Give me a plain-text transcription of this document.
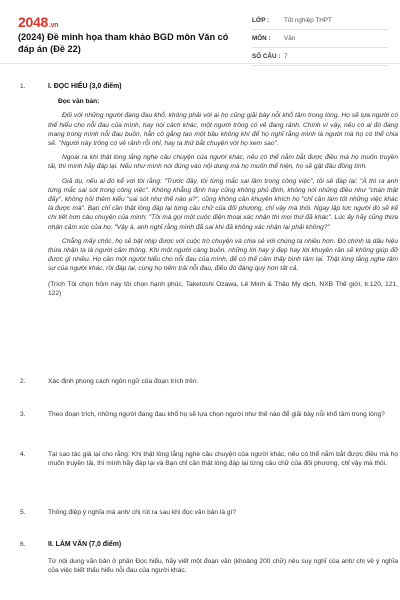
2048.vn
(2024) Đề minh họa tham khảo BGD môn Văn có đáp án (Đề 22)
LỚP :	Tốt nghiệp THPT
MÔN :	Văn
SỐ CÂU : 7
1.	I. ĐỌC HIỂU (3,0 điểm)
Đọc văn bản:
Đối với những người đang đau khổ, không phải với ai họ cũng giãi bày nỗi khổ tâm trong lòng. Họ sẽ lựa người có thể hiểu cho nỗi đau của mình, hay nói cách khác, một người trông có vẻ đang rảnh. Chính vì vậy, nếu có ai đó đang mang trong mình nỗi đau buồn, hẳn cô gắng tạo một bầu không khí để họ nghĩ rằng mình là người mà họ có thể chia sẻ. "Người này trông có vẻ rảnh rỗi nhỉ, hay ta thử bắt chuyện với họ xem sao".
Ngoài ra khi thật lòng lắng nghe câu chuyện của người khác, nếu có thể nắm bắt được điều mà họ muốn truyền tải, thì mình hãy đáp lại. Nếu như mình nói đúng vào nội dung mà họ muốn thể hiện, họ sẽ gật đầu đồng tình.
Giả dụ, nếu ai đó kể với tôi rằng: "Trước đây, tôi từng mắc sai lầm trong công việc", tôi sẽ đáp lại: "À thì ra anh từng mắc sai sót trong công việc". Không khẳng định hay cũng không phủ định, không nói những điều như "chán thật đấy", không hỏi thêm kiểu "sai sót như thế nào ạ?", cũng không cần khuyên khích họ "chỉ cần làm tốt những việc khác là được mà". Bạn chỉ cần thật lòng đáp lại từng câu chữ của đối phương, chỉ vậy mà thôi. Ngay lập tức người đó sẽ kể chi tiết hơn câu chuyện của mình: "Tôi mà gọi một cuộc điện thoại xác nhận thì mọi thứ đã khác". Lúc ấy hãy cũng thừa nhận cảm xúc của họ: "Vậy à, anh nghĩ rằng mình đã sai khi đã không xác nhận lại phải không?"
Chẳng mấy chốc, họ sẽ bật nhịp được với cuộc trò chuyện và chia sẻ với chúng ta nhiều hơn. Đó chính là dấu hiệu thừa nhận ta là người cảm thông. Khi một người càng buồn, những lời hay ý đẹp hay lời khuyên răn sẽ không giúp đỡ được gì nhiều. Họ cần một người hiểu cho nỗi đau của mình, để có thể cảm thấy bình tâm lại. Thật lòng lắng nghe tâm sự của người khác, rồi đáp lại, cùng họ nếm trải nỗi đau, điều đó đáng quý hơn tất cả.
(Trích Tôi chọn hôm nay tôi chọn hạnh phúc, Taketoshi Ozawa, Lê Minh & Thảo My dịch, NXB Thế giới, tr.120, 121, 122)
2.	Xác định phong cách ngôn ngữ của đoạn trích trên.
3.	Theo đoạn trích, những người đang đau khổ họ sẽ lựa chọn người như thế nào để giãi bày nỗi khổ tâm trong lòng?
4.	Tại sao tác giả lại cho rằng: Khi thật lòng lắng nghe câu chuyện của người khác, nếu có thể nắm bắt được điều mà họ muốn truyền tải, thì mình hãy đáp lại và Bạn chỉ cần thật lòng đáp lại từng câu chữ của đối phương, chỉ vậy mà thôi.
5.	Thông điệp ý nghĩa mà anh/ chị rút ra sau khi đọc văn bản là gì?
6.	II. LÀM VĂN (7,0 điểm)
Từ nội dung văn bản ở phần Đọc hiểu, hãy viết một đoạn văn (khoảng 200 chữ) nêu suy nghĩ của anh/ chị về ý nghĩa của việc biết thấu hiểu nỗi đau của người khác.
